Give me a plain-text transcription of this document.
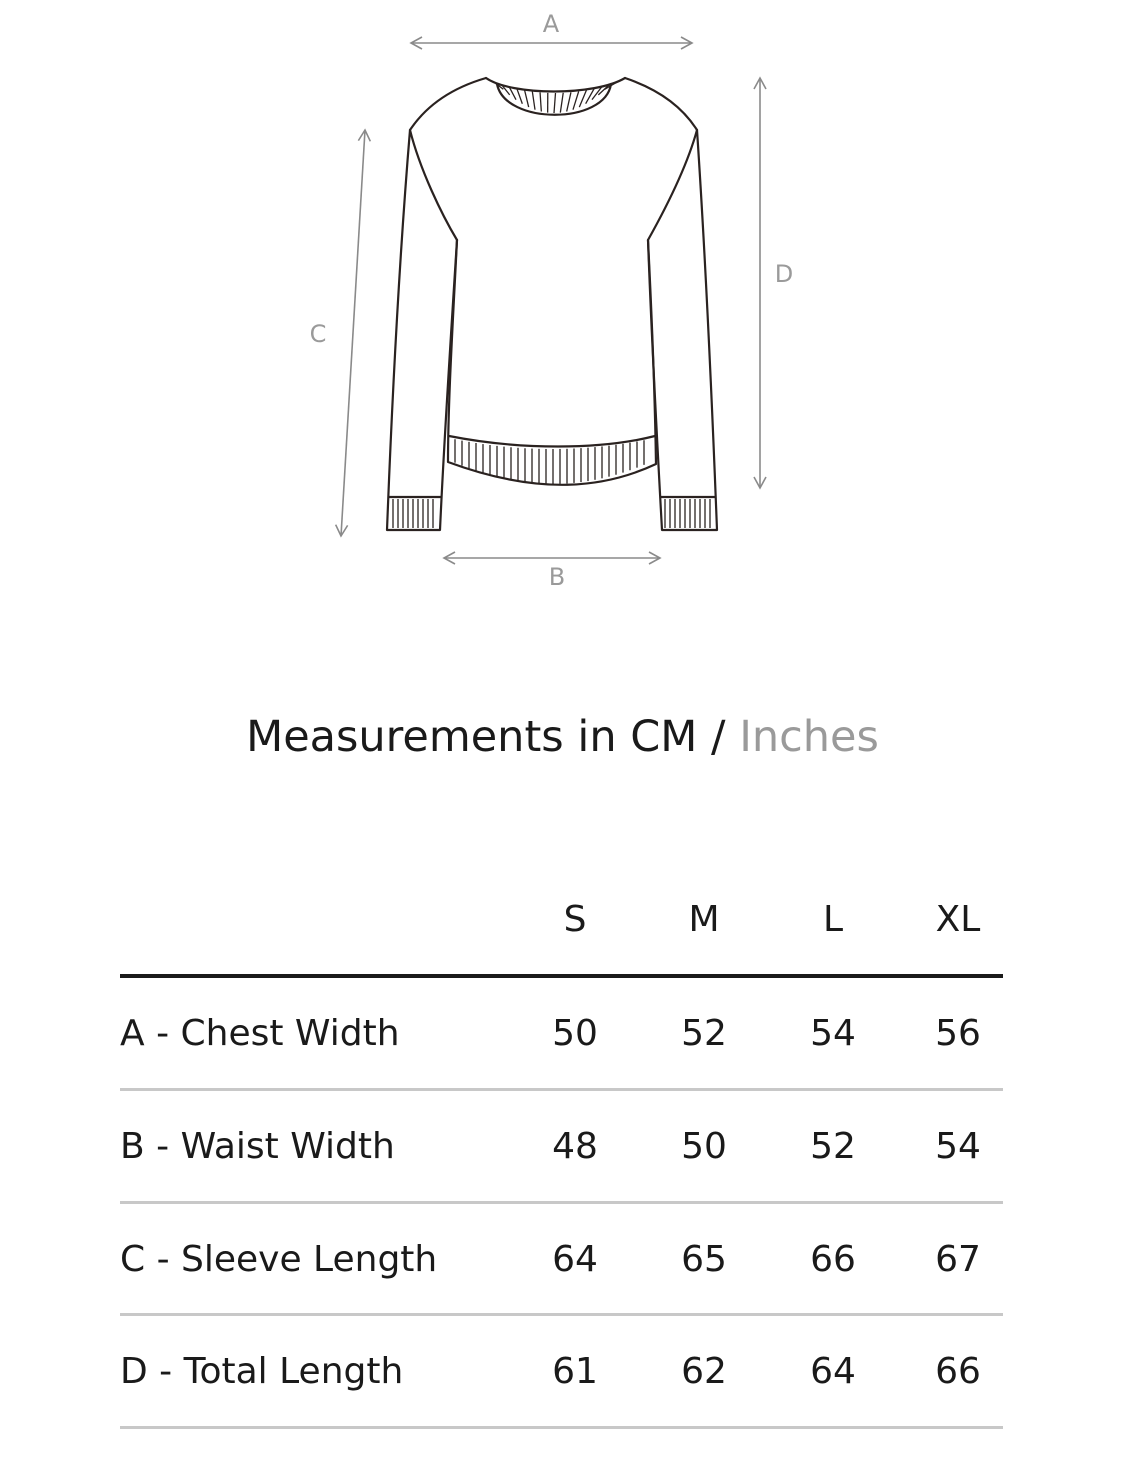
A
B
C
D
Measurements in CM / Inches
S	M	L	XL
A - Chest Width	50	52	54	56
B - Waist Width	48	50	52	54
C - Sleeve Length	64	65	66	67
D - Total Length	61	62	64	66
